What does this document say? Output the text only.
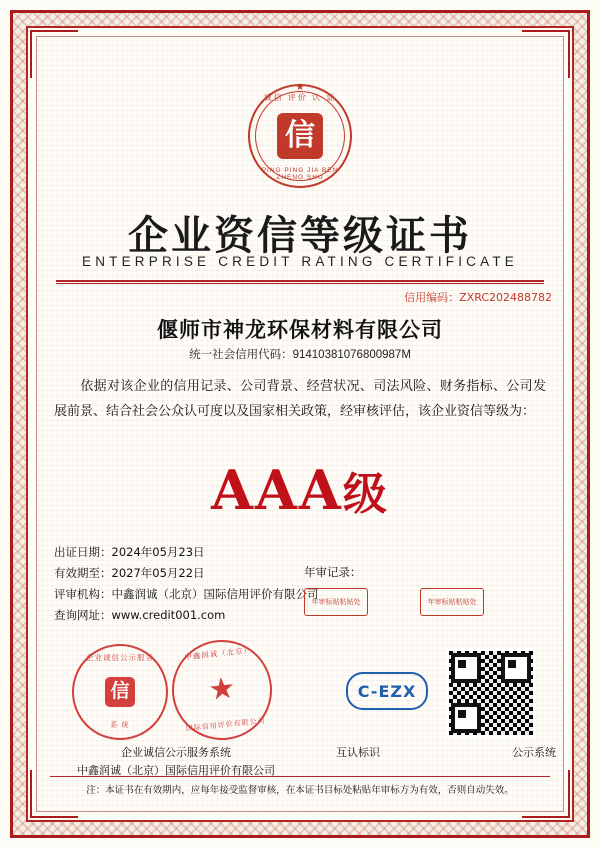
★
诚信 评价 认 证
信
PING PING JIA BEN ZHENG SHU
企业资信等级证书
ENTERPRISE CREDIT RATING CERTIFICATE
信用编码：ZXRC202488782
偃师市神龙环保材料有限公司
统一社会信用代码：91410381076800987M
依据对该企业的信用记录、公司背景、经营状况、司法风险、财务指标、公司发展前景、结合社会公众认可度以及国家相关政策，经审核评估，该企业资信等级为：
AAA级
出证日期：2024年05月23日
有效期至：2027年05月22日
评审机构：中鑫润诚（北京）国际信用评价有限公司
查询网址：www.credit001.com
年审记录：
年审标贴粘贴处	年审标贴粘贴处
企业诚信公示服务
信
系 统
中鑫润诚（北京）
★
国际信用评价有限公司
企业诚信公示服务系统
中鑫润诚（北京）国际信用评价有限公司
C-EZX
互认标识	公示系统
注：本证书在有效期内，应每年接受监督审核，在本证书目标处粘贴年审标方为有效，否则自动失效。
